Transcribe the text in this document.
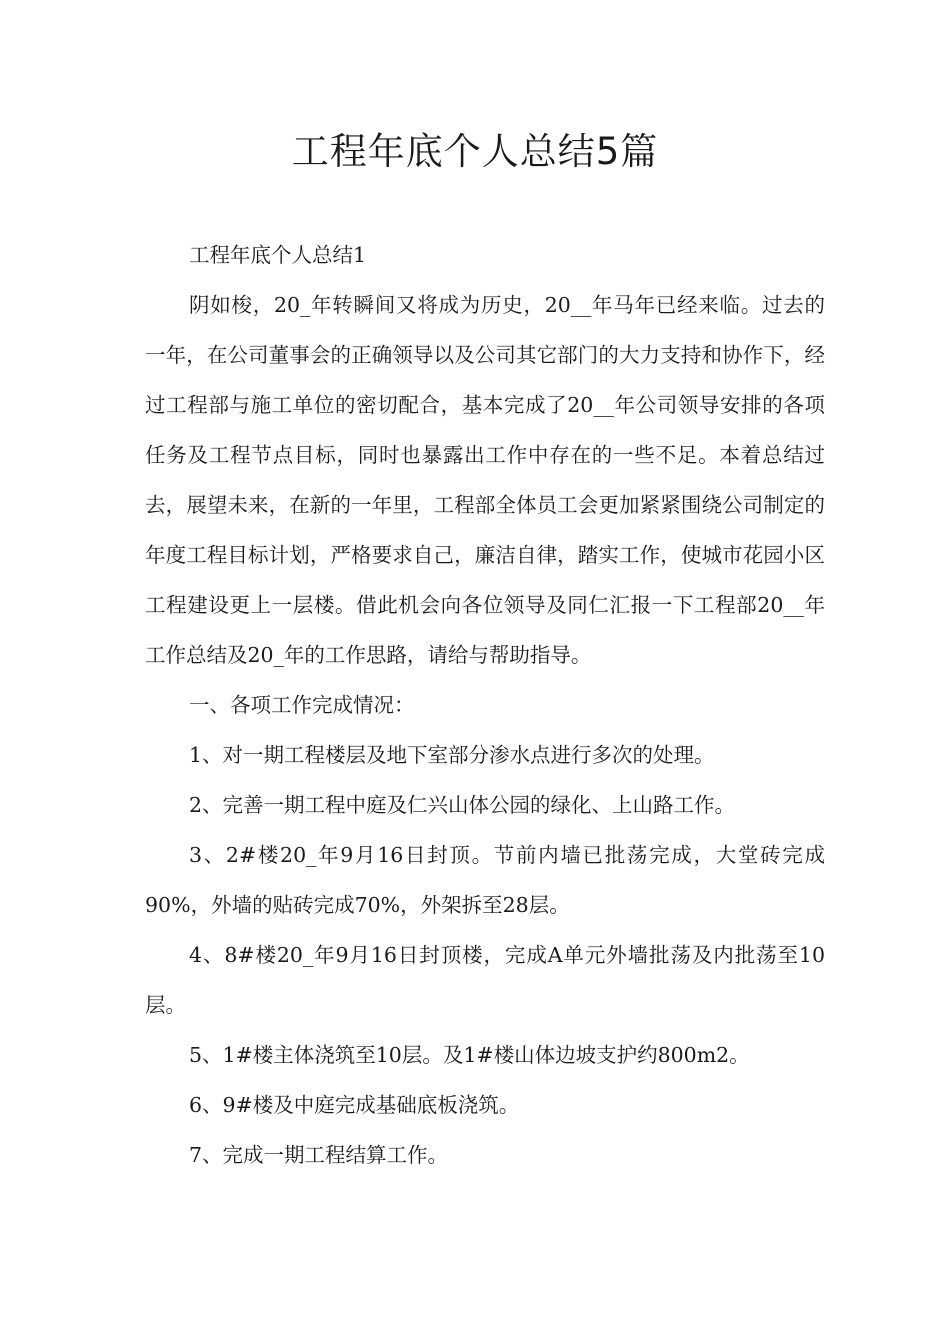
工程年底个人总结5篇

工程年底个人总结1

阴如梭，20_年转瞬间又将成为历史，20__年马年已经来临。过去的一年，在公司董事会的正确领导以及公司其它部门的大力支持和协作下，经过工程部与施工单位的密切配合，基本完成了20__年公司领导安排的各项任务及工程节点目标，同时也暴露出工作中存在的一些不足。本着总结过去，展望未来，在新的一年里，工程部全体员工会更加紧紧围绕公司制定的年度工程目标计划，严格要求自己，廉洁自律，踏实工作，使城市花园小区工程建设更上一层楼。借此机会向各位领导及同仁汇报一下工程部20__年工作总结及20_年的工作思路，请给与帮助指导。

一、各项工作完成情况：

1、对一期工程楼层及地下室部分渗水点进行多次的处理。

2、完善一期工程中庭及仁兴山体公园的绿化、上山路工作。

3、2#楼20_年9月16日封顶。节前内墙已批荡完成，大堂砖完成90%，外墙的贴砖完成70%，外架拆至28层。

4、8#楼20_年9月16日封顶楼，完成A单元外墙批荡及内批荡至10层。

5、1#楼主体浇筑至10层。及1#楼山体边坡支护约800m2。

6、9#楼及中庭完成基础底板浇筑。

7、完成一期工程结算工作。
